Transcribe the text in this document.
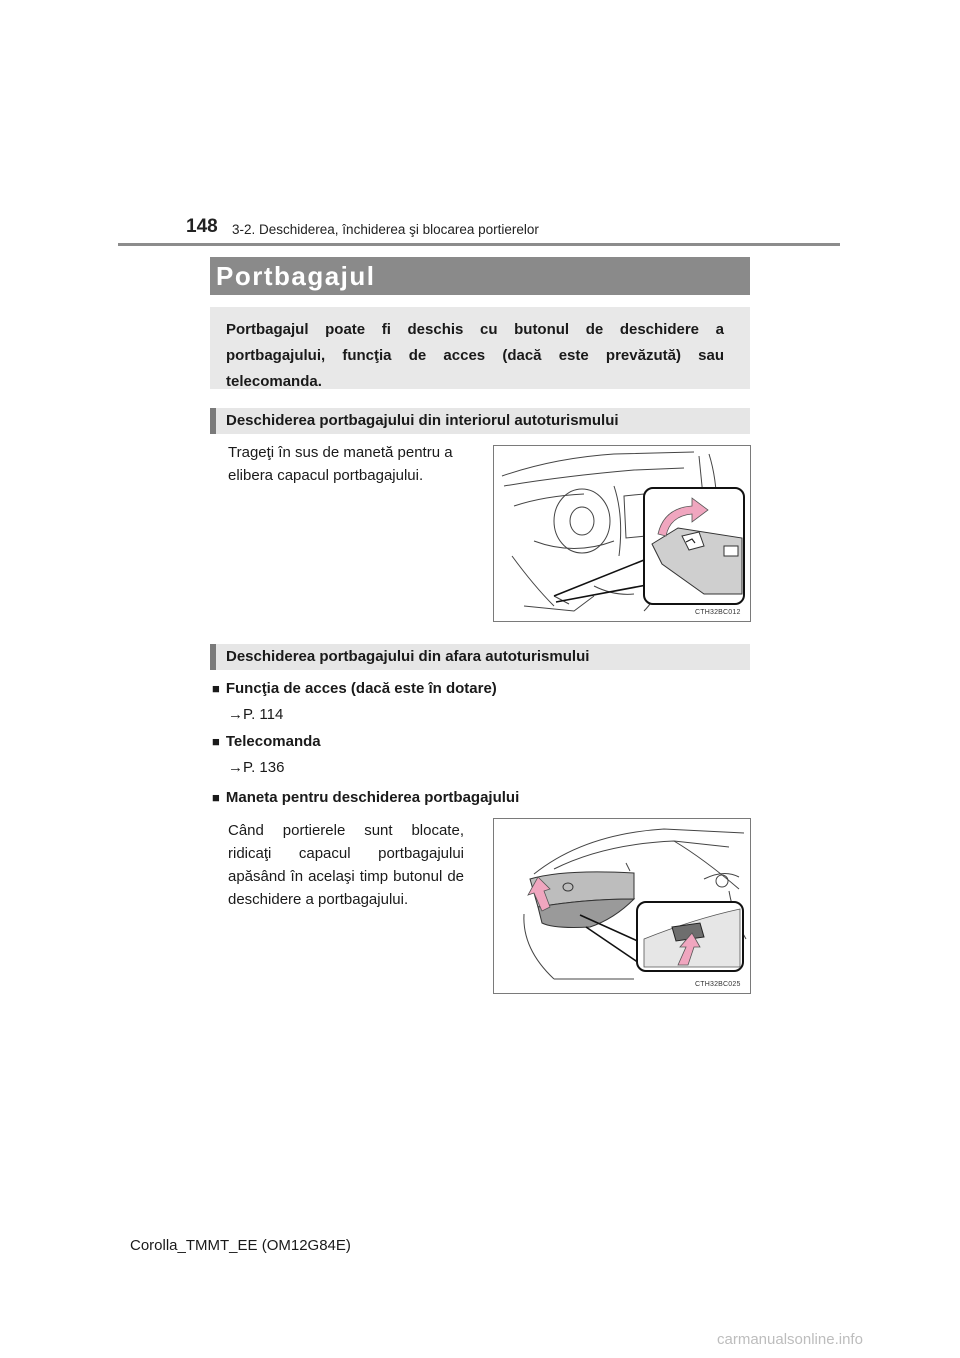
148 3-2. Deschiderea, închiderea şi blocarea portierelor
Portbagajul
Portbagajul poate fi deschis cu butonul de deschidere a portbagajului, funcţia de acces (dacă este prevăzută) sau telecomanda.
Deschiderea portbagajului din interiorul autoturismului
Trageţi în sus de manetă pentru a elibera capacul portbagajului.
CTH32BC012
Deschiderea portbagajului din afara autoturismului
■ Funcţia de acces (dacă este în dotare)
→P. 114
■ Telecomanda
→P. 136
■ Maneta pentru deschiderea portbagajului
Când portierele sunt blocate, ridicaţi capacul portbagajului apăsând în acelaşi timp butonul de deschidere a portbagajului.
CTH32BC025
Corolla_TMMT_EE (OM12G84E)
carmanualsonline.info
